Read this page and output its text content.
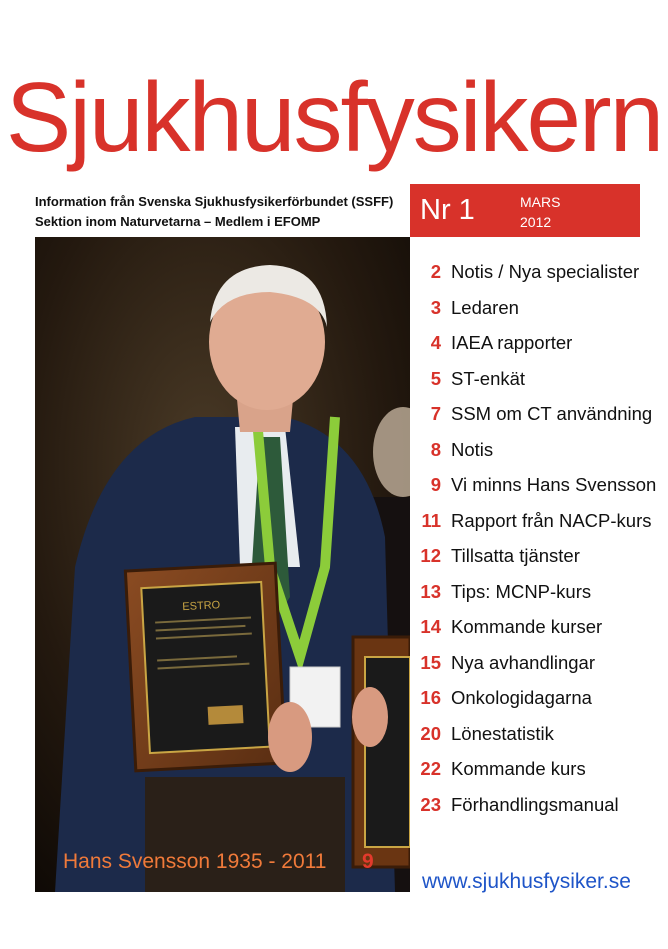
Sjukhusfysikern
Information från Svenska Sjukhusfysikerförbundet (SSFF)
Sektion inom Naturvetarna – Medlem i EFOMP	Nr 1	MARS
2012
ESTRO
Hans Svensson 1935 - 2011 9
2 Notis / Nya specialister
3 Ledaren
4 IAEA rapporter
5 ST-enkät
7 SSM om CT användning
8 Notis
9 Vi minns Hans Svensson
11 Rapport från NACP-kurs
12 Tillsatta tjänster
13 Tips: MCNP-kurs
14 Kommande kurser
15 Nya avhandlingar
16 Onkologidagarna
20 Lönestatistik
22 Kommande kurs
23 Förhandlingsmanual
www.sjukhusfysiker.se
